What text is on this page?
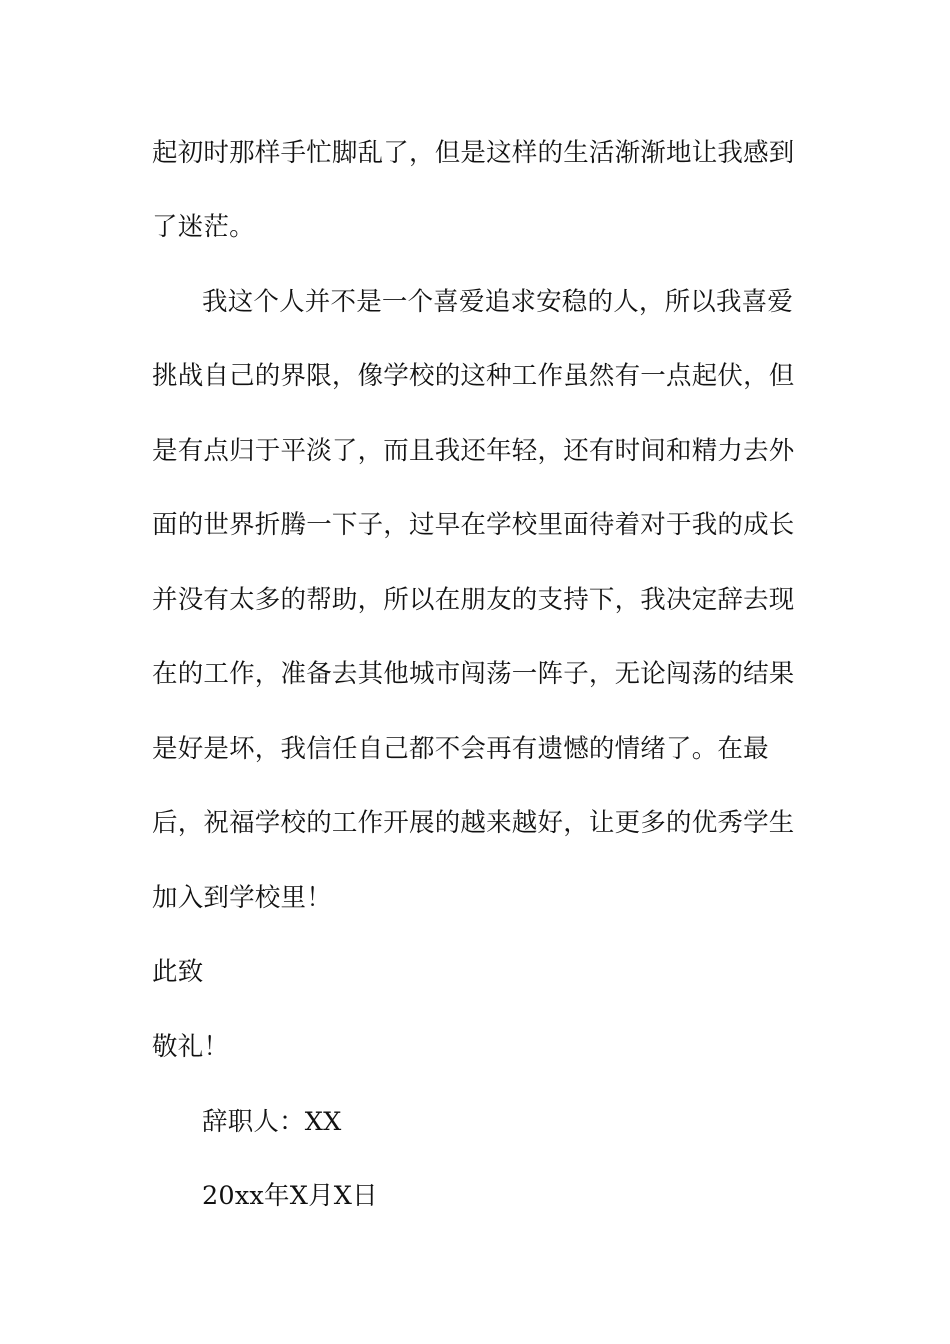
起初时那样手忙脚乱了，但是这样的生活渐渐地让我感到
了迷茫。
我这个人并不是一个喜爱追求安稳的人，所以我喜爱
挑战自己的界限，像学校的这种工作虽然有一点起伏，但
是有点归于平淡了，而且我还年轻，还有时间和精力去外
面的世界折腾一下子，过早在学校里面待着对于我的成长
并没有太多的帮助，所以在朋友的支持下，我决定辞去现
在的工作，准备去其他城市闯荡一阵子，无论闯荡的结果
是好是坏，我信任自己都不会再有遗憾的情绪了。在最
后，祝福学校的工作开展的越来越好，让更多的优秀学生
加入到学校里！
此致
敬礼！
辞职人：XX
20xx年X月X日
